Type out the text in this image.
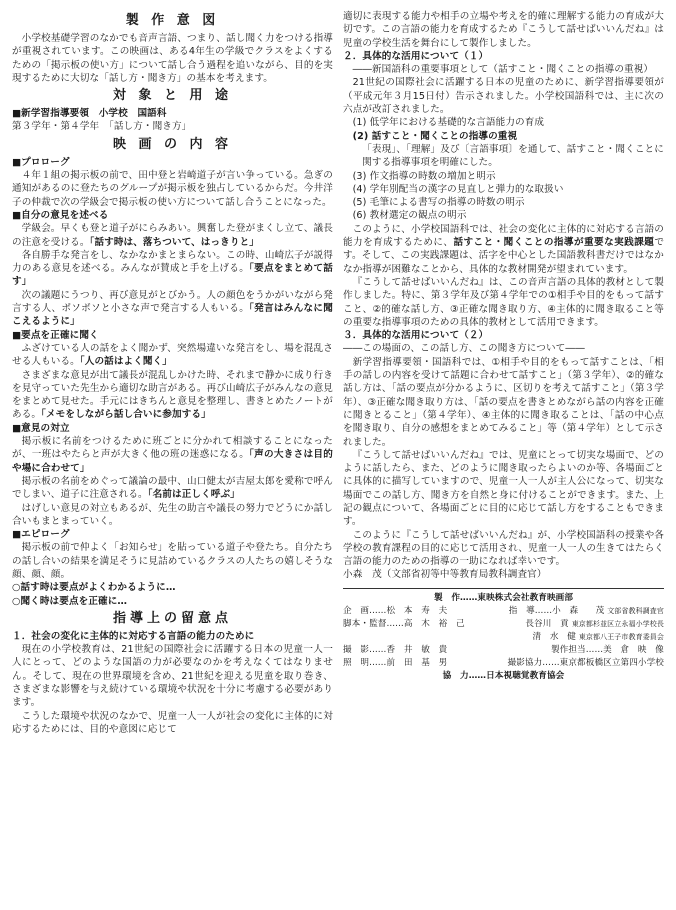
製 作 意 図

小学校基礎学習のなかでも音声言語、つまり、話し聞く力をつける指導が重視されています。この映画は、ある4年生の学級でクラスをよくするための「掲示板の使い方」について話し合う過程を追いながら、目的を実現するために大切な「話し方・聞き方」の基本を考えます。

対 象 と 用 途

■新学習指導要領　小学校　国語科

第３学年・第４学年　「話し方・聞き方」

映 画 の 内 容

■プロローグ

４年１組の掲示板の前で、田中登と岩崎道子が言い争っている。急ぎの通知があるのに登たちのグループが掲示板を独占しているからだ。今井洋子の仲裁で次の学級会で掲示板の使い方について話し合うことになった。

■自分の意見を述べる

学級会。早くも登と道子がにらみあい。興奮した登がまくし立て、議長の注意を受ける。「話す時は、落ちついて、はっきりと」

各自勝手な発言をし、なかなかまとまらない。この時、山崎広子が説得力のある意見を述べる。みんなが賛成と手を上げる。「要点をまとめて話す」

次の議題にうつり、再び意見がとびかう。人の顔色をうかがいながら発言する人、ボソボソと小さな声で発言する人もいる。「発言はみんなに聞こえるように」

■要点を正確に聞く

ふざけている人の話をよく聞かず、突然場違いな発言をし、場を混乱させる人もいる。「人の話はよく聞く」

さまざまな意見が出て議長が混乱しかけた時、それまで静かに成り行きを見守っていた先生から適切な助言がある。再び山崎広子がみんなの意見をまとめて見せた。手元にはきちんと意見を整理し、書きとめたノートがある。「メモをしながら話し合いに参加する」

■意見の対立

掲示板に名前をつけるために班ごとに分かれて相談することになったが、一班はやたらと声が大きく他の班の迷惑になる。「声の大きさは目的や場に合わせて」

掲示板の名前をめぐって議論の最中、山口健太が吉屋太郎を愛称で呼んでしまい、道子に注意される。「名前は正しく呼ぶ」

はげしい意見の対立もあるが、先生の助言や議長の努力でどうにか話し合いもまとまっていく。

■エピローグ

掲示板の前で仲よく「お知らせ」を貼っている道子や登たち。自分たちの話し合いの結果を満足そうに見詰めているクラスの人たちの嬉しそうな顔、顔、顔。

○話す時は要点がよくわかるように…

○聞く時は要点を正確に…

指導上の留意点

１．社会の変化に主体的に対応する言語の能力のために

現在の小学校教育は、21世紀の国際社会に活躍する日本の児童一人一人にとって、どのような国語の力が必要なのかを考えなくてはなりません。そして、現在の世界環境を含め、21世紀を迎える児童を取り巻き、さまざまな影響を与え続けている環境や状況を十分に考慮する必要があります。

こうした環境や状況のなかで、児童一人一人が社会の変化に主体的に対応するためには、目的や意図に応じて

適切に表現する能力や相手の立場や考えを的確に理解する能力の育成が大切です。この言語の能力を育成するため『こうして話せばいいんだね』は児童の学校生活を舞台にして製作しました。

２．具体的な活用について（１）

――新国語科の重要事項として（話すこと・聞くことの指導の重視）

21世紀の国際社会に活躍する日本の児童のために、新学習指導要領が（平成元年３月15日付）告示されました。小学校国語科では、主に次の六点が改訂されました。

(1) 低学年における基礎的な言語能力の育成

(2) 話すこと・聞くことの指導の重視

「表現」、「理解」及び〔言語事項〕を通して、話すこと・聞くことに関する指導事項を明確にした。

(3) 作文指導の時数の増加と明示

(4) 学年別配当の漢字の見直しと弾力的な取扱い

(5) 毛筆による書写の指導の時数の明示

(6) 教材選定の観点の明示

このように、小学校国語科では、社会の変化に主体的に対応する言語の能力を育成するために、話すこと・聞くことの指導が重要な実践課題です。そして、この実践課題は、活字を中心とした国語教科書だけではなかなか指導が困難なことから、具体的な教材開発が望まれています。

『こうして話せばいいんだね』は、この音声言語の具体的教材として製作しました。特に、第３学年及び第４学年での①相手や目的をもって話すこと、②的確な話し方、③正確な聞き取り方、④主体的に聞き取ること等の重要な指導事項のための具体的教材として活用できます。

３．具体的な活用について（２）

――この場面の、この話し方、この聞き方について――

新学習指導要領・国語科では、①相手や目的をもって話すことは、「相手の話しの内容を受けて話題に合わせて話すこと」（第３学年）、②的確な話し方は、「話の要点が分かるように、区切りを考えて話すこと」（第３学年）、③正確な聞き取り方は、「話の要点を書きとめながら話の内容を正確に聞きとること」（第４学年）、④主体的に聞き取ることは、「話の中心点を聞き取り、自分の感想をまとめてみること」等（第４学年）として示されました。

『こうして話せばいいんだね』では、児童にとって切実な場面で、どのように話したら、また、どのように聞き取ったらよいのか等、各場面ごとに具体的に描写していますので、児童一人一人が主人公になって、切実な場面でこの話し方、聞き方を自然と身に付けることができます。また、上記の観点について、各場面ごとに目的に応じて話し方をすることもできます。

このように『こうして話せばいいんだね』が、小学校国語科の授業や各学校の教育課程の目的に応じて活用され、児童一人一人の生きてはたらく言語の能力のための指導の一助になれば幸いです。

小森　茂（文部省初等中等教育局教科調査官）

製　作……東映株式会社教育映画部
企　画……松　本　寿　夫	指　導……小　森　　茂 文部省教科調査官
脚本・監督……高　木　裕　己	長谷川　貢 東京都杉並区立永福小学校長
清　水　健 東京都八王子市教育委員会
撮　影……香　井　敏　貴	製作担当……美　倉　映　像
照　明……前　田　基　男	撮影協力……東京都板橋区立第四小学校
協　力……日本視聴覚教育協会
